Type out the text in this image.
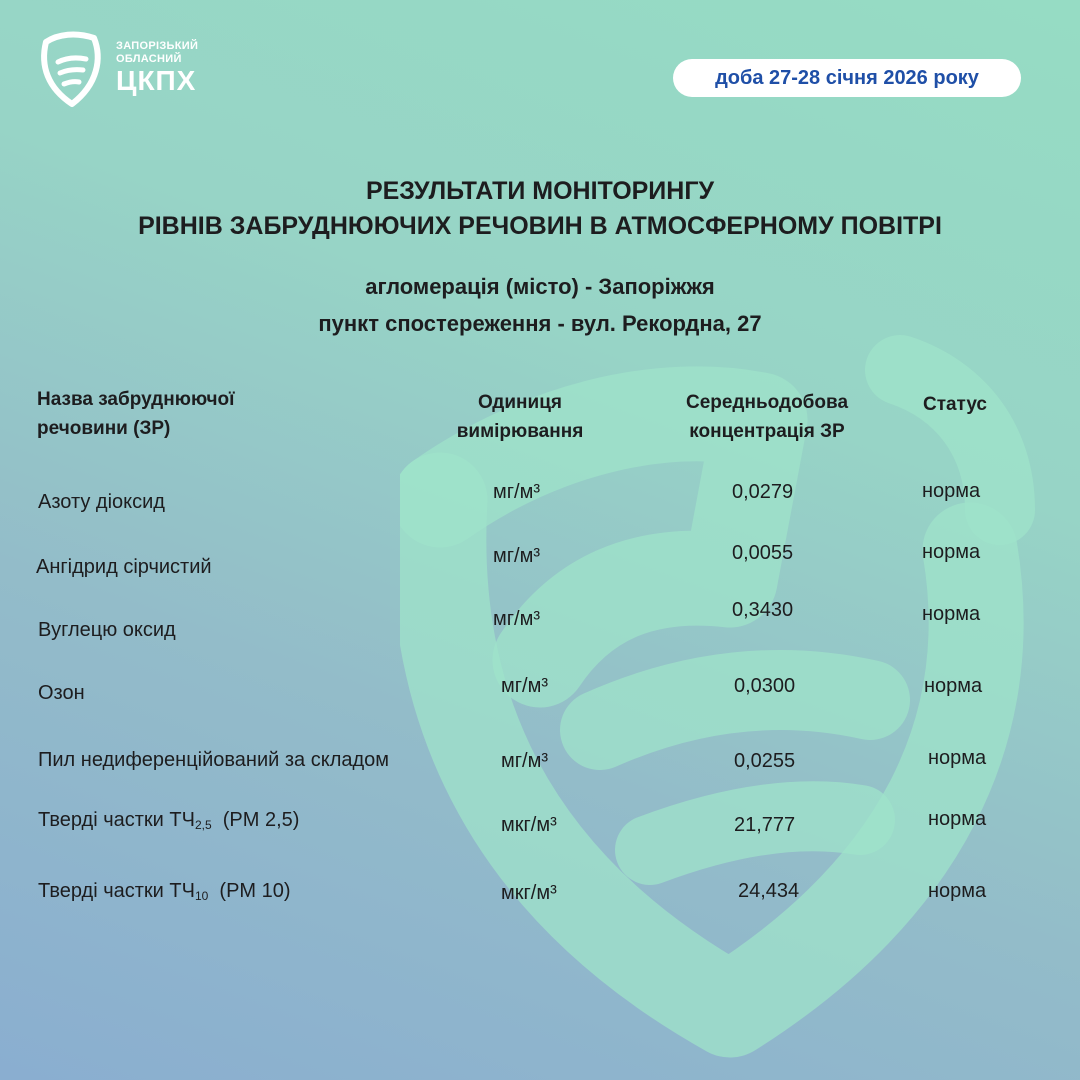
ЗАПОРІЗЬКИЙ
ОБЛАСНИЙ
ЦКПХ	доба 27-28 січня 2026 року
РЕЗУЛЬТАТИ МОНІТОРИНГУ
РІВНІВ ЗАБРУДНЮЮЧИХ РЕЧОВИН В АТМОСФЕРНОМУ ПОВІТРІ
агломерація (місто) - Запоріжжя
пункт спостереження - вул. Рекордна, 27
Назва забруднюючої
речовини (ЗР)
Одиниця
вимірювання
Середньодобова
концентрація ЗР
Статус
Азоту діоксид	мг/м³	0,0279	норма
Ангідрид сірчистий	мг/м³	0,0055	норма
Вуглецю оксид	мг/м³	0,3430	норма
Озон	мг/м³	0,0300	норма
Пил недиференційований за складом	мг/м³	0,0255	норма
Тверді частки $ТЧ_{2,5}$ (PM 2,5)	мкг/м³	21,777	норма
Тверді частки $ТЧ_{10}$ (PM 10)	мкг/м³	24,434	норма
